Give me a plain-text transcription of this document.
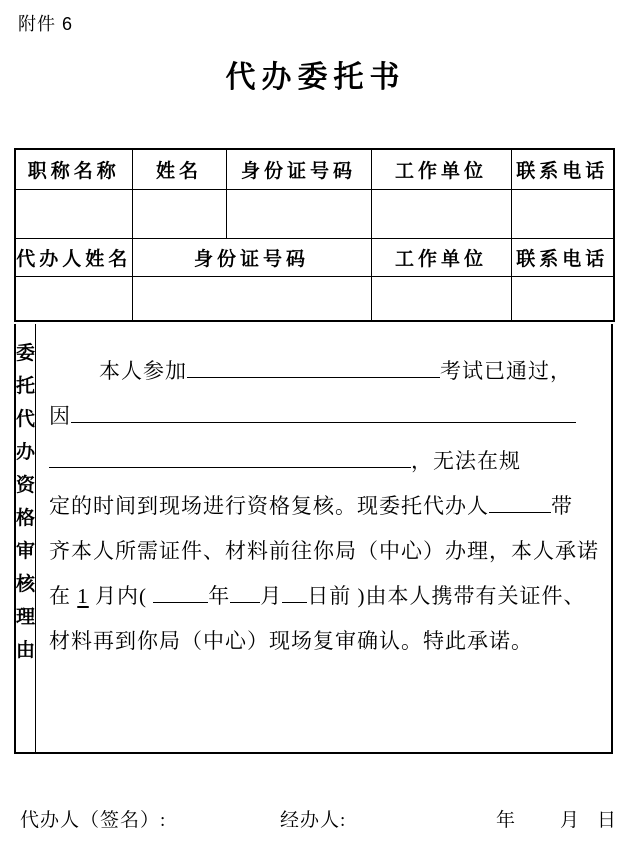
附件 6
代办委托书
职称名称	姓名	身份证号码	工作单位	联系电话

代办人姓名	身份证号码		工作单位	联系电话

委
托
代
办
资
格
审
核
理
由
本人参加	考试已通过，
因
，无法在规
定的时间到现场进行资格复核。现委托代办人	带
齐本人所需证件、材料前往你局（中心）办理，本人承诺
在 1 月内(	年 月 日前 )由本人携带有关证件、
材料再到你局（中心）现场复审确认。特此承诺。
代办人（签名）:	经办人:	年 月 日
